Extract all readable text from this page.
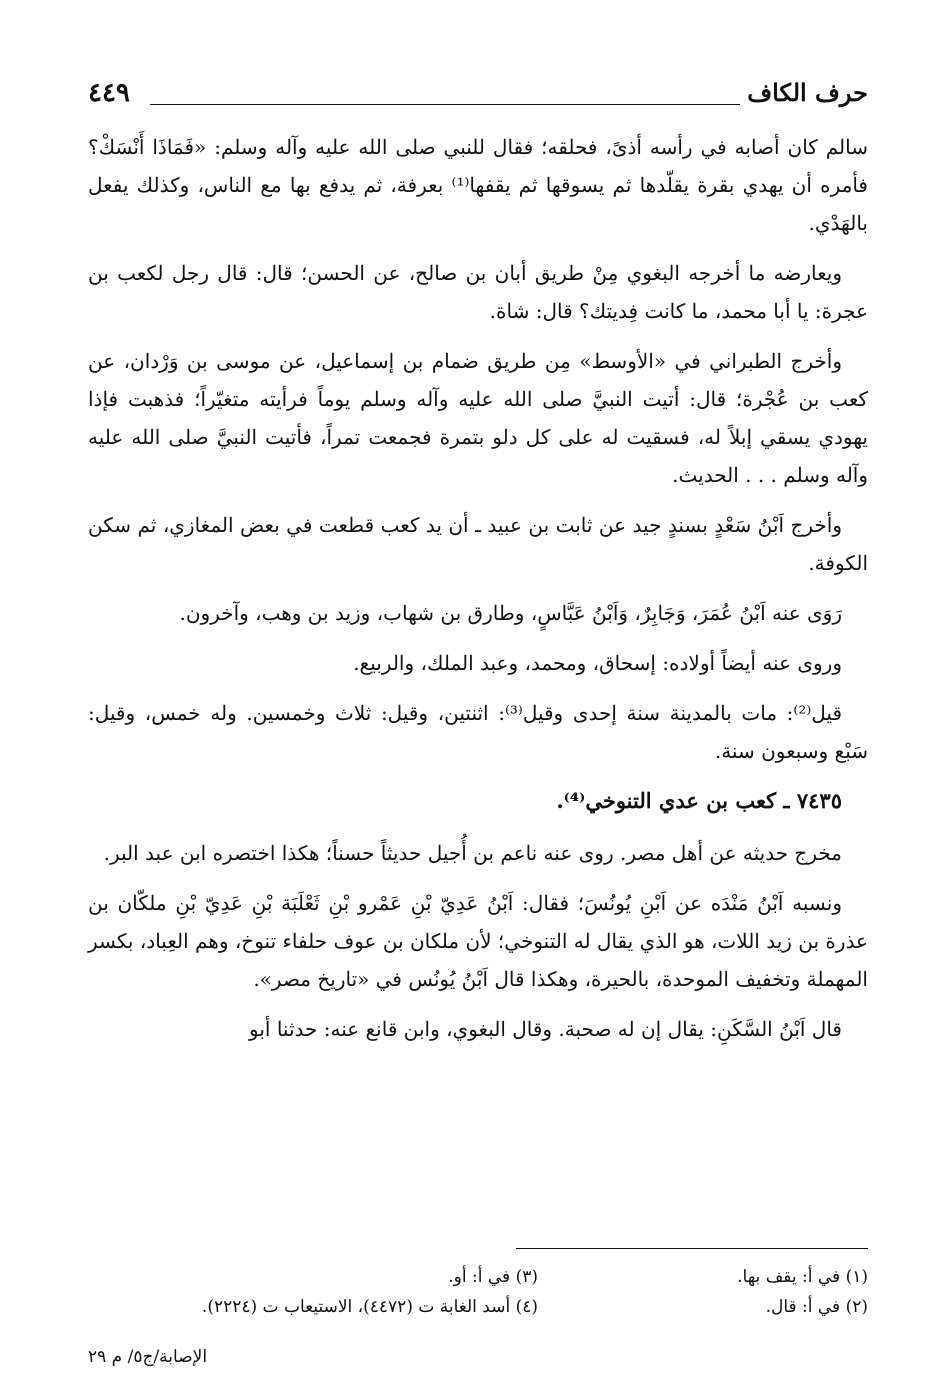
٤٤٩	حرف الكاف

سالم كان أصابه في رأسه أذىً، فحلقه؛ فقال للنبي صلى الله عليه وآله وسلم: «فَمَاذَا أَنْسَكْ؟ فأمره أن يهدي بقرة يقلّدها ثم يسوقها ثم يقفها⁽¹⁾ بعرفة، ثم يدفع بها مع الناس، وكذلك يفعل بالهَدْي.

ويعارضه ما أخرجه البغوي مِنْ طريق أبان بن صالح، عن الحسن؛ قال: قال رجل لكعب بن عجرة: يا أبا محمد، ما كانت فِديتك؟ قال: شاة.

وأخرج الطبراني في «الأوسط» مِن طريق ضمام بن إسماعيل، عن موسى بن وَرْدان، عن كعب بن عُجْرة؛ قال: أتيت النبيَّ صلى الله عليه وآله وسلم يوماً فرأيته متغيّراً؛ فذهبت فإذا يهودي يسقي إبلاً له، فسقيت له على كل دلو بتمرة فجمعت تمراً، فأتيت النبيَّ صلى الله عليه وآله وسلم . . . الحديث.

وأخرج اَبْنُ سَعْدٍ بسندٍ جيد عن ثابت بن عبيد ـ أن يد كعب قطعت في بعض المغازي، ثم سكن الكوفة.

رَوَى عنه اَبْنُ عُمَرَ، وَجَابِرٌ، وَاَبْنُ عَبَّاسٍ، وطارق بن شهاب، وزيد بن وهب، وآخرون.

وروى عنه أيضاً أولاده: إسحاق، ومحمد، وعبد الملك، والربيع.

قيل⁽²⁾: مات بالمدينة سنة إحدى وقيل⁽³⁾: اثنتين، وقيل: ثلاث وخمسين. وله خمس، وقيل: سَبْع وسبعون سنة.

٧٤٣٥ ـ كعب بن عدي التنوخي⁽⁴⁾.

مخرج حديثه عن أهل مصر. روى عنه ناعم بن أُجيل حديثاً حسناً؛ هكذا اختصره ابن عبد البر.

ونسبه اَبْنُ مَنْدَه عن اَبْنِ يُونُسَ؛ فقال: اَبْنُ عَدِيّ بْنِ عَمْرو بْنِ ثَعْلَبَة بْنِ عَدِيّ بْنِ ملكّان بن عذرة بن زيد اللات، هو الذي يقال له التنوخي؛ لأن ملكان بن عوف حلفاء تنوخ، وهم العِباد، بكسر المهملة وتخفيف الموحدة، بالحيرة، وهكذا قال اَبْنُ يُونُس في «تاريخ مصر».

قال اَبْنُ السَّكَنِ: يقال إن له صحبة. وقال البغوي، وابن قانع عنه: حدثنا أبو

(١) في أ: يقف بها.

(٢) في أ: قال.

(٣) في أ: أو.

(٤) أسد الغابة ت (٤٤٧٢)، الاستيعاب ت (٢٢٢٤).

الإصابة/ج٥/ م ٢٩
